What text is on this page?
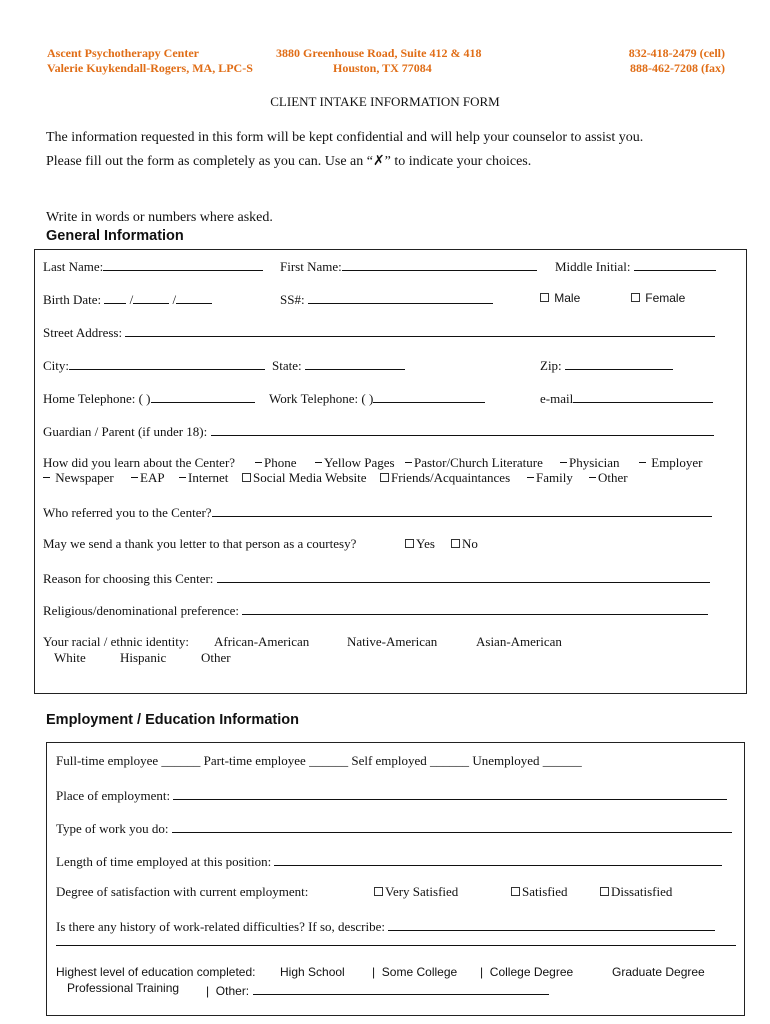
Ascent Psychotherapy Center
Valerie Kuykendall-Rogers, MA, LPC-S
3880 Greenhouse Road, Suite 412 & 418
Houston, TX 77084
832-418-2479 (cell)
888-462-7208 (fax)
CLIENT INTAKE INFORMATION FORM
The information requested in this form will be kept confidential and will help your counselor to assist you.
Please fill out the form as completely as you can. Use an “✗” to indicate your choices.
Write in words or numbers where asked.
General Information
Last Name:	First Name:	Middle Initial:
Birth Date:  /	/	SS#:	Male	Female
Street Address:
City:	State:	Zip:
Home Telephone: ( )	Work Telephone: ( )	e-mail
Guardian / Parent (if under 18):
How did you learn about the Center?	Phone	Yellow Pages	Pastor/Church Literature	Physician	Employer
Newspaper	EAP	Internet	Social Media Website	Friends/Acquaintances	Family	Other
Who referred you to the Center?
May we send a thank you letter to that person as a courtesy?	Yes	No
Reason for choosing this Center:
Religious/denominational preference:
Your racial / ethnic identity: African-American	Native-American	Asian-American
White	Hispanic	Other
Employment / Education Information
Full-time employee ______ Part-time employee ______ Self employed ______ Unemployed ______
Place of employment:
Type of work you do:
Length of time employed at this position:
Degree of satisfaction with current employment:	Very Satisfied	Satisfied	Dissatisfied
Is there any history of work-related difficulties? If so, describe:
Highest level of education completed: High School |  Some College |  College Degree	Graduate Degree
Professional Training |  Other:
